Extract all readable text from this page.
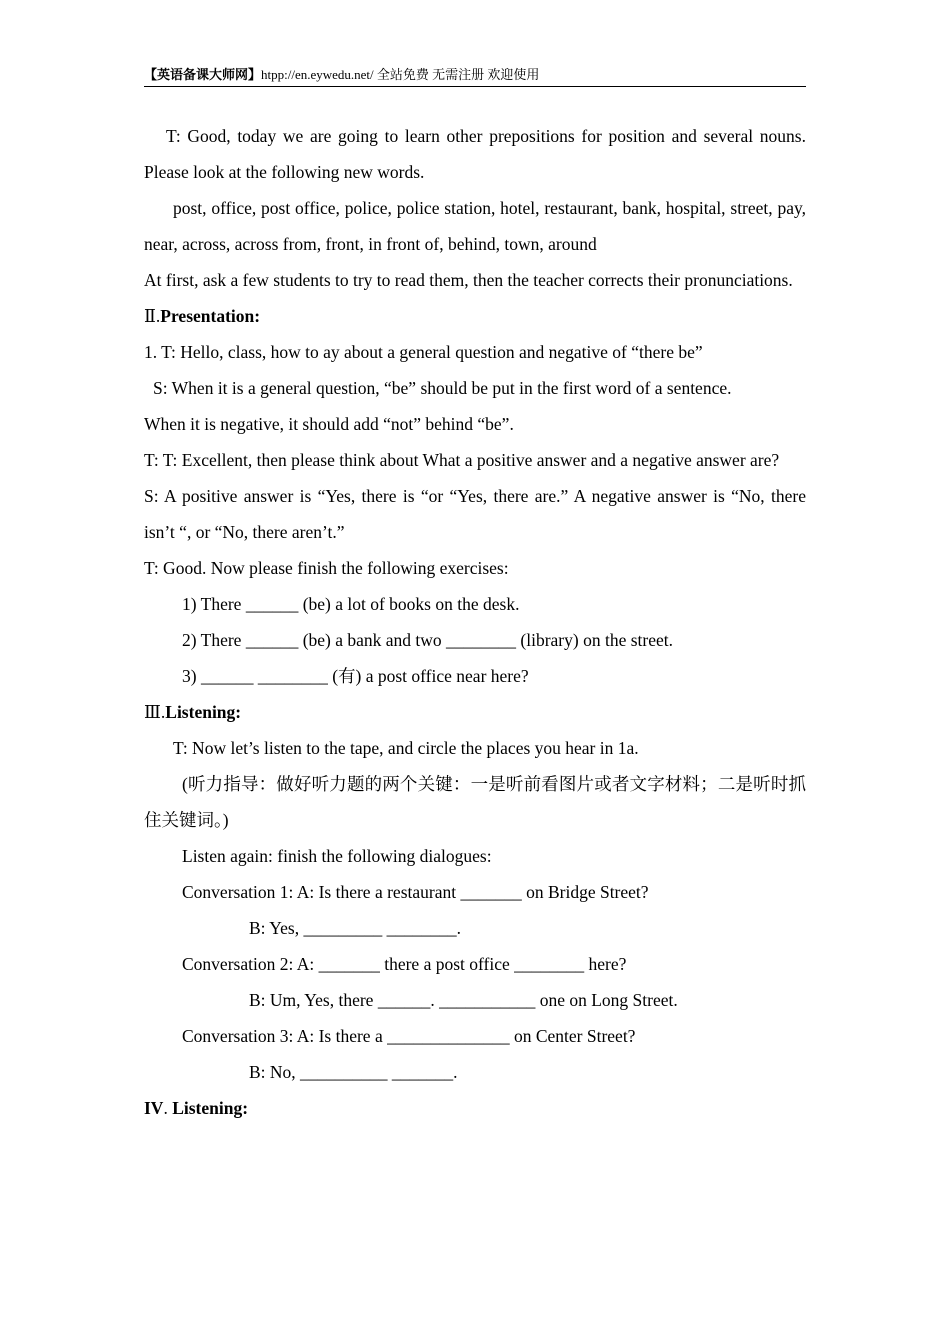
【英语备课大师网】htpp://en.eywedu.net/ 全站免费 无需注册 欢迎使用

T: Good, today we are going to learn other prepositions for position and several nouns. Please look at the following new words.

post, office, post office, police, police station, hotel, restaurant, bank, hospital, street, pay, near, across, across from, front, in front of, behind, town, around

At first, ask a few students to try to read them, then the teacher corrects their pronunciations.

Ⅱ.Presentation:

1. T: Hello, class, how to ay about a general question and negative of “there be”

S: When it is a general question, “be” should be put in the first word of a sentence.

When it is negative, it should add “not” behind “be”.

T: T: Excellent, then please think about What a positive answer and a negative answer are?

S: A positive answer is “Yes, there is “or “Yes, there are.” A negative answer is “No, there isn’t “, or “No, there aren’t.”

T: Good. Now please finish the following exercises:

1) There ______ (be) a lot of books on the desk.

2) There ______ (be) a bank and two ________ (library) on the street.

3) ______ ________ (有) a post office near here?

Ⅲ.Listening:

T: Now let’s listen to the tape, and circle the places you hear in 1a.

(听力指导：做好听力题的两个关键：一是听前看图片或者文字材料；二是听时抓住关键词。)

Listen again: finish the following dialogues:

Conversation 1: A: Is there a restaurant _______ on Bridge Street?

B: Yes, _________ ________.

Conversation 2: A: _______ there a post office ________ here?

B: Um, Yes, there ______. ___________ one on Long Street.

Conversation 3: A: Is there a ______________ on Center Street?

B: No, __________ _______.

IV. Listening:
